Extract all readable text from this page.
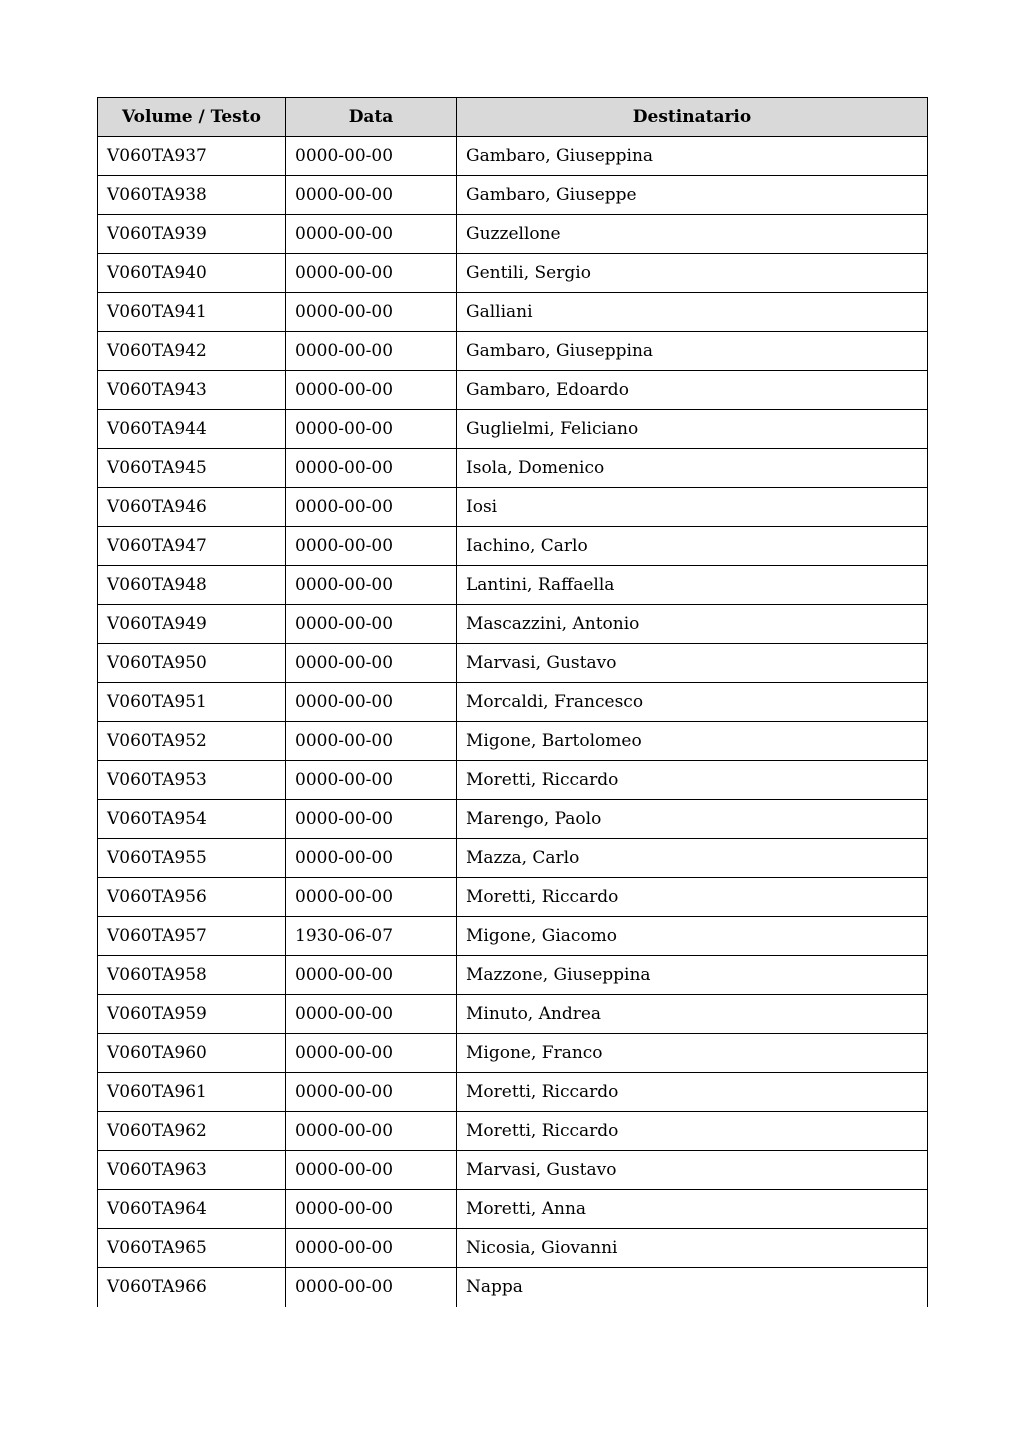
Volume / Testo	Data	Destinatario
V060TA937	0000-00-00	Gambaro, Giuseppina
V060TA938	0000-00-00	Gambaro, Giuseppe
V060TA939	0000-00-00	Guzzellone
V060TA940	0000-00-00	Gentili, Sergio
V060TA941	0000-00-00	Galliani
V060TA942	0000-00-00	Gambaro, Giuseppina
V060TA943	0000-00-00	Gambaro, Edoardo
V060TA944	0000-00-00	Guglielmi, Feliciano
V060TA945	0000-00-00	Isola, Domenico
V060TA946	0000-00-00	Iosi
V060TA947	0000-00-00	Iachino, Carlo
V060TA948	0000-00-00	Lantini, Raffaella
V060TA949	0000-00-00	Mascazzini, Antonio
V060TA950	0000-00-00	Marvasi, Gustavo
V060TA951	0000-00-00	Morcaldi, Francesco
V060TA952	0000-00-00	Migone, Bartolomeo
V060TA953	0000-00-00	Moretti, Riccardo
V060TA954	0000-00-00	Marengo, Paolo
V060TA955	0000-00-00	Mazza, Carlo
V060TA956	0000-00-00	Moretti, Riccardo
V060TA957	1930-06-07	Migone, Giacomo
V060TA958	0000-00-00	Mazzone, Giuseppina
V060TA959	0000-00-00	Minuto, Andrea
V060TA960	0000-00-00	Migone, Franco
V060TA961	0000-00-00	Moretti, Riccardo
V060TA962	0000-00-00	Moretti, Riccardo
V060TA963	0000-00-00	Marvasi, Gustavo
V060TA964	0000-00-00	Moretti, Anna
V060TA965	0000-00-00	Nicosia, Giovanni
V060TA966	0000-00-00	Nappa
